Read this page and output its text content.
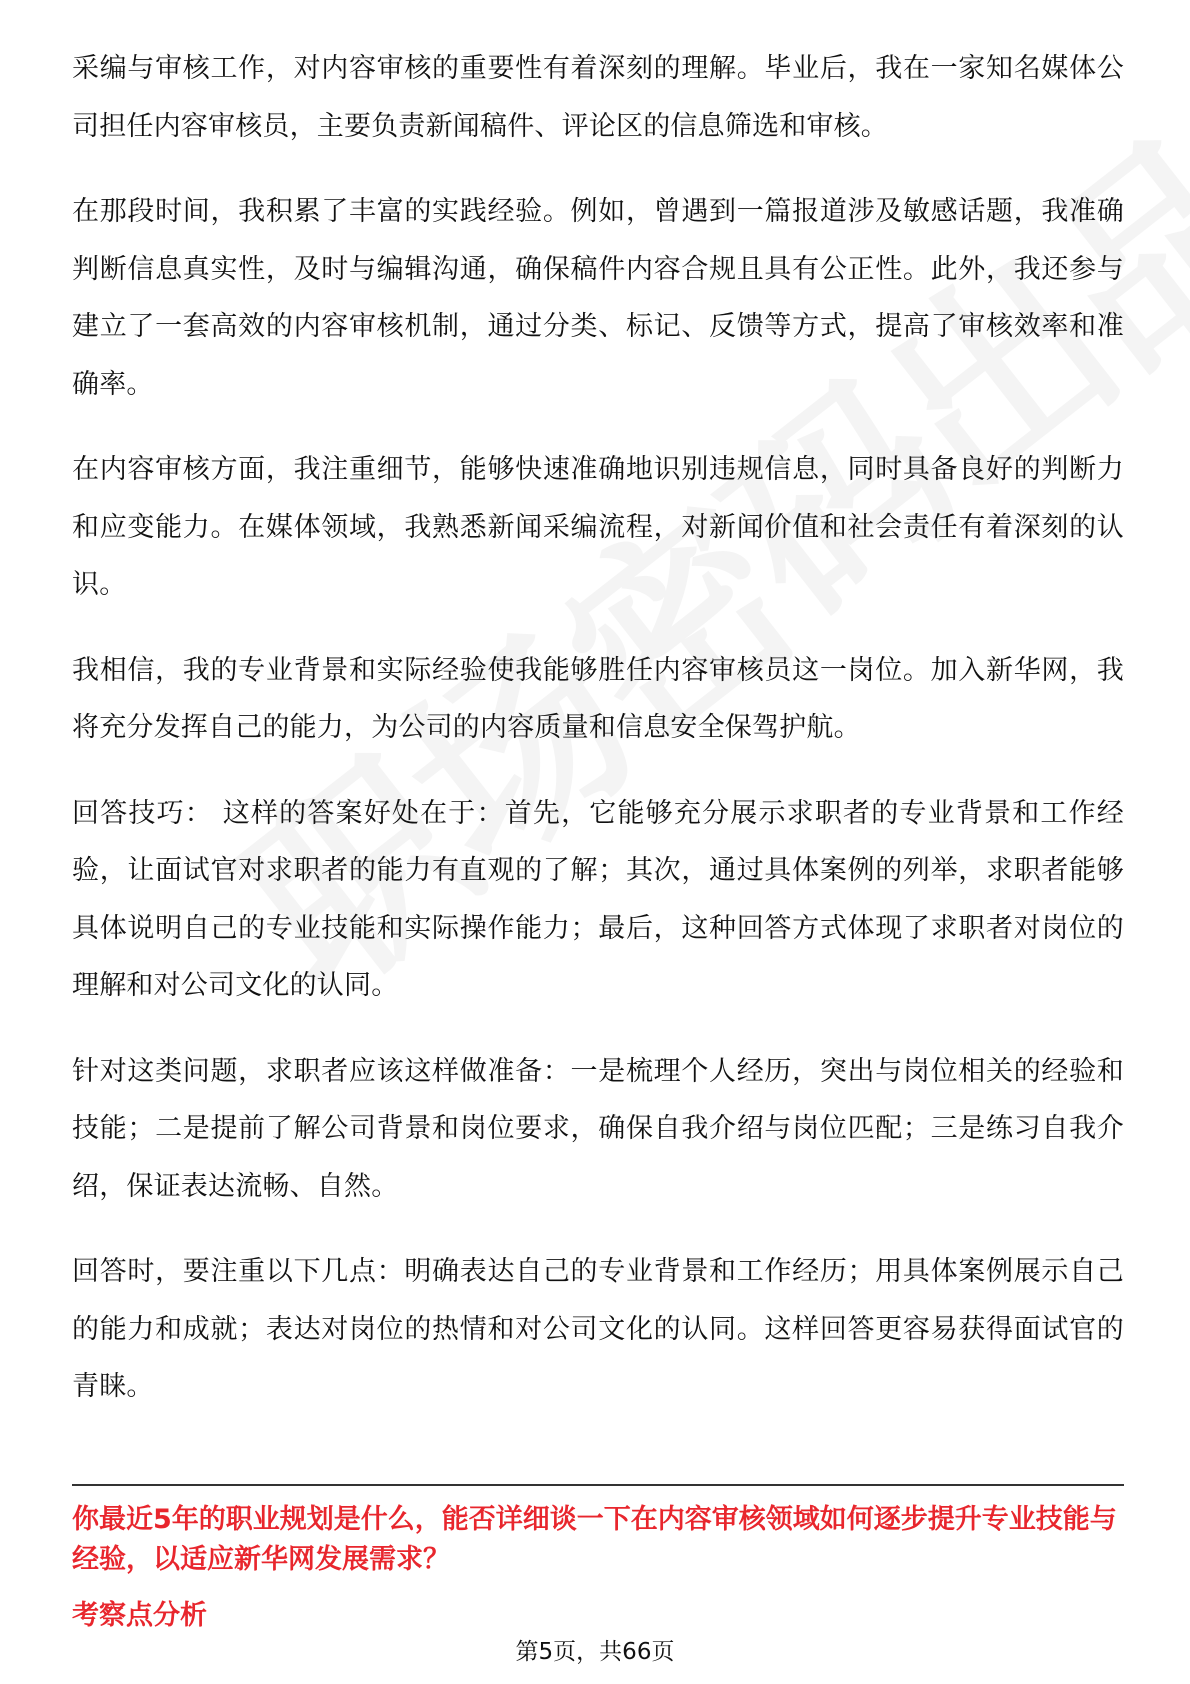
采编与审核工作，对内容审核的重要性有着深刻的理解。毕业后，我在一家知名媒体公司担任内容审核员，主要负责新闻稿件、评论区的信息筛选和审核。

在那段时间，我积累了丰富的实践经验。例如，曾遇到一篇报道涉及敏感话题，我准确判断信息真实性，及时与编辑沟通，确保稿件内容合规且具有公正性。此外，我还参与建立了一套高效的内容审核机制，通过分类、标记、反馈等方式，提高了审核效率和准确率。

在内容审核方面，我注重细节，能够快速准确地识别违规信息，同时具备良好的判断力和应变能力。在媒体领域，我熟悉新闻采编流程，对新闻价值和社会责任有着深刻的认识。

我相信，我的专业背景和实际经验使我能够胜任内容审核员这一岗位。加入新华网，我将充分发挥自己的能力，为公司的内容质量和信息安全保驾护航。

回答技巧： 这样的答案好处在于：首先，它能够充分展示求职者的专业背景和工作经验，让面试官对求职者的能力有直观的了解；其次，通过具体案例的列举，求职者能够具体说明自己的专业技能和实际操作能力；最后，这种回答方式体现了求职者对岗位的理解和对公司文化的认同。

针对这类问题，求职者应该这样做准备：一是梳理个人经历，突出与岗位相关的经验和技能；二是提前了解公司背景和岗位要求，确保自我介绍与岗位匹配；三是练习自我介绍，保证表达流畅、自然。

回答时，要注重以下几点：明确表达自己的专业背景和工作经历；用具体案例展示自己的能力和成就；表达对岗位的热情和对公司文化的认同。这样回答更容易获得面试官的青睐。

你最近5年的职业规划是什么，能否详细谈一下在内容审核领域如何逐步提升专业技能与经验，以适应新华网发展需求？

考察点分析

第5页，共66页
